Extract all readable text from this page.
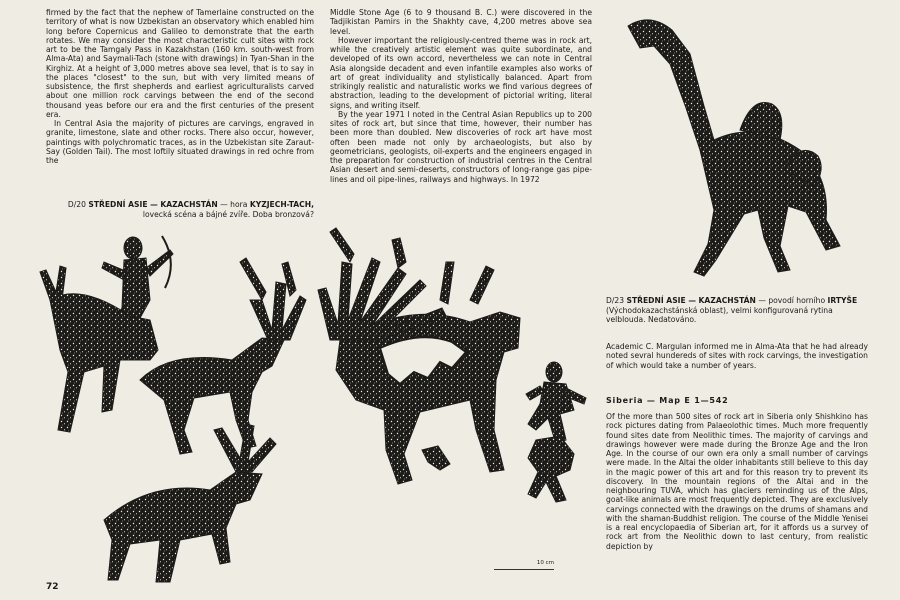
firmed by the fact that the nephew of Tamerlaine constructed on the territory of what is now Uzbekistan an observatory which enabled him long before Copernicus and Galileo to demonstrate that the earth rotates. We may consider the most characteristic cult sites with rock art to be the Tamgaly Pass in Kazakhstan (160 km. south-west from Alma-Ata) and Saymali-Tach (stone with drawings) in Tyan-Shan in the Kirghiz. At a height of 3,000 metres above sea level, that is to say in the places "closest" to the sun, but with very limited means of subsistence, the first shepherds and earliest agriculturalists carved about one million rock carvings between the end of the second thousand yeas before our era and the first centuries of the present era.

In Central Asia the majority of pictures are carvings, engraved in granite, limestone, slate and other rocks. There also occur, however, paintings with polychromatic traces, as in the Uzbekistan site Zaraut-Say (Golden Tail). The most loftily situated drawings in red ochre from the

Middle Stone Age (6 to 9 thousand B. C.) were discovered in the Tadjikistan Pamirs in the Shakhty cave, 4,200 metres above sea level.

However important the religiously-centred theme was in rock art, while the creatively artistic element was quite subordinate, and developed of its own accord, nevertheless we can note in Central Asia alongside decadent and even infantile examples also works of art of great individuality and stylistically balanced. Apart from strikingly realistic and naturalistic works we find various degrees of abstraction, leading to the development of pictorial writing, literal signs, and writing itself.

By the year 1971 I noted in the Central Asian Republics up to 200 sites of rock art, but since that time, however, their number has been more than doubled. New discoveries of rock art have most often been made not only by archaeologists, but also by geometricians, geologists, oil-experts and the engineers engaged in the preparation for construction of industrial centres in the Central Asian desert and semi-deserts, constructors of long-range gas pipe-lines and oil pipe-lines, railways and highways. In 1972

D/20 STŘEDNÍ ASIE — KAZACHSTÁN — hora KYZJECH-TACH, lovecká scéna a bájné zvíře. Doba bronzová?
D/23 STŘEDNÍ ASIE — KAZACHSTÁN — povodí horního IRTYŠE (Východokazachstánská oblast), velmi konfigurovaná rytina velbloudа. Nedatováno.

Academic C. Margulan informed me in Alma-Ata that he had already noted sevral hundereds of sites with rock carvings, the investigation of which would take a number of years.

Siberia — Map E 1—542

Of the more than 500 sites of rock art in Siberia only Shishkino has rock pictures dating from Palaeolothic times. Much more frequently found sites date from Neolithic times. The majority of carvings and drawings however were made during the Bronze Age and the Iron Age. In the course of our own era only a small number of carvings were made. In the Altai the older inhabitants still believe to this day in the magic power of this art and for this reason try to prevent its discovery. In the mountain regions of the Altai and in the neighbouring TUVA, which has glaciers reminding us of the Alps, goat-like animals are most frequently depicted. They are exclusively carvings connected with the drawings on the drums of shamans and with the shaman-Buddhist religion. The course of the Middle Yenisei is a real encyclopaedia of Siberian art, for it affords us a survey of rock art from the Neolithic down to last century, from realistic depiction by

10 cm
72
